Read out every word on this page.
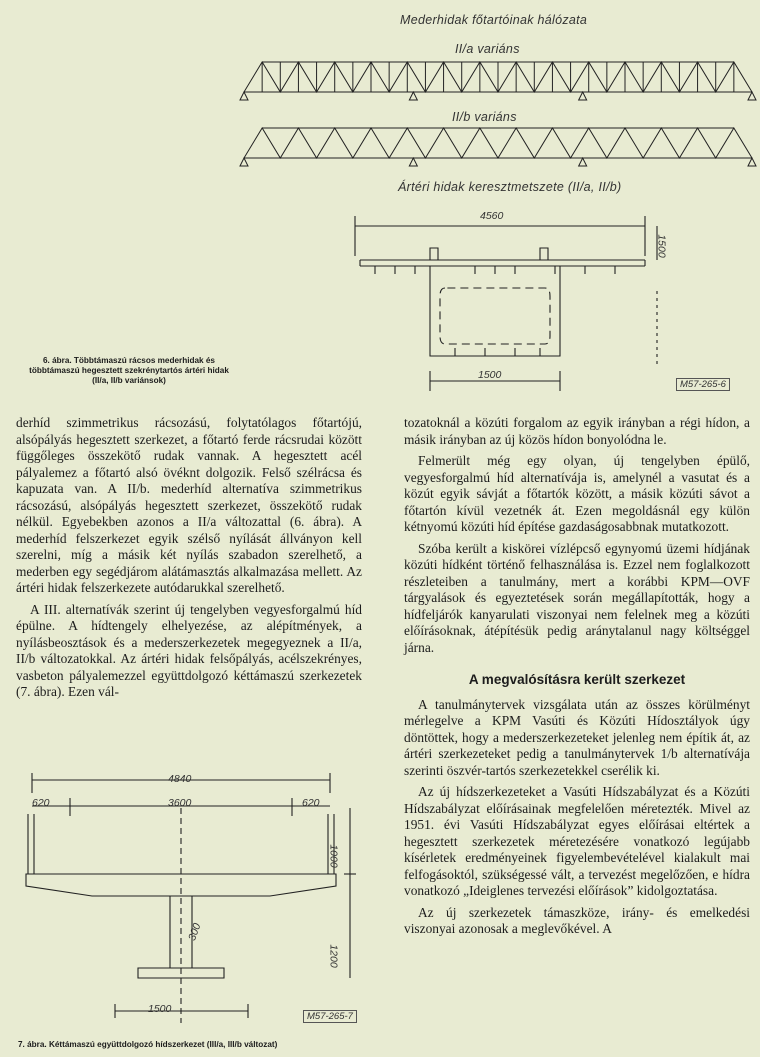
Mederhidak főtartóinak hálózata
II/a variáns
II/b variáns
Ártéri hidak keresztmetszete (II/a, II/b)
4560
1500
1500
M57-265-6
6. ábra. Többtámaszú rácsos mederhidak és többtámaszú hegesztett szekrénytartós ártéri hidak (II/a, II/b variánsok)

derhíd szimmetrikus rácsozású, folytatólagos főtartójú, alsópályás hegesztett szerkezet, a főtartó ferde rácsrudai között függőleges összekötő rudak vannak. A hegesztett acél pályalemez a főtartó alsó övéknt dolgozik. Felső szélrácsa és kapuzata van. A II/b. mederhíd alternatíva szimmetrikus rácsozású, alsópályás hegesztett szerkezet, összekötő rudak nélkül. Egyebekben azonos a II/a változattal (6. ábra). A mederhíd felszerkezet egyik szélső nyílását állványon kell szerelni, míg a másik két nyílás szabadon szerelhető, a mederben egy segédjárom alátámasztás alkalmazása mellett. Az ártéri hidak felszerkezete autódarukkal szerelhető.

A III. alternatívák szerint új tengelyben vegyesforgalmú híd épülne. A hídtengely elhelyezése, az alépítmények, a nyílásbeosztások és a mederszerkezetek megegyeznek a II/a, II/b változatokkal. Az ártéri hidak felsőpályás, acélszekrényes, vasbeton pályalemezzel együttdolgozó kéttámaszú szerkezetek (7. ábra). Ezen vál-

tozatoknál a közúti forgalom az egyik irányban a régi hídon, a másik irányban az új közös hídon bonyolódna le.

Felmerült még egy olyan, új tengelyben épülő, vegyesforgalmú híd alternatívája is, amelynél a vasutat és a közút egyik sávját a főtartók között, a másik közúti sávot a főtartón kívül vezetnék át. Ezen megoldásnál egy külön kétnyomú közúti híd építése gazdaságosabbnak mutatkozott.

Szóba került a kiskörei vízlépcső egynyomú üzemi hídjának közúti hídként történő felhasználása is. Ezzel nem foglalkozott részleteiben a tanulmány, mert a korábbi KPM—OVF tárgyalások és egyeztetések során megállapították, hogy a hídfeljárók kanyarulati viszonyai nem felelnek meg a közúti előírásoknak, átépítésük pedig aránytalanul nagy költséggel járna.

A megvalósításra került szerkezet

A tanulmánytervek vizsgálata után az összes körülményt mérlegelve a KPM Vasúti és Közúti Hídosztályok úgy döntöttek, hogy a mederszerkezeteket jelenleg nem építik át, az ártéri szerkezeteket pedig a tanulmánytervek 1/b alternatívája szerinti öszvér-tartós szerkezetekkel cserélik ki.

Az új hídszerkezeteket a Vasúti Hídszabályzat és a Közúti Hídszabályzat előírásainak megfelelően méretezték. Mivel az 1951. évi Vasúti Hídszabályzat egyes előírásai eltértek a hegesztett szerkezetek méretezésére vonatkozó legújabb kísérletek eredményeinek figyelembevételével kialakult mai felfogásoktól, szükségessé vált, a tervezést megelőzően, e hídra vonatkozó „Ideiglenes tervezési előírások” kidolgoztatása.

Az új szerkezetek támaszköze, irány- és emelkedési viszonyai azonosak a meglevőkével. A

4840
620	3600	620
300
1000
1200
1500
M57-265-7
7. ábra. Kéttámaszú együttdolgozó hídszerkezet (III/a, III/b változat)
